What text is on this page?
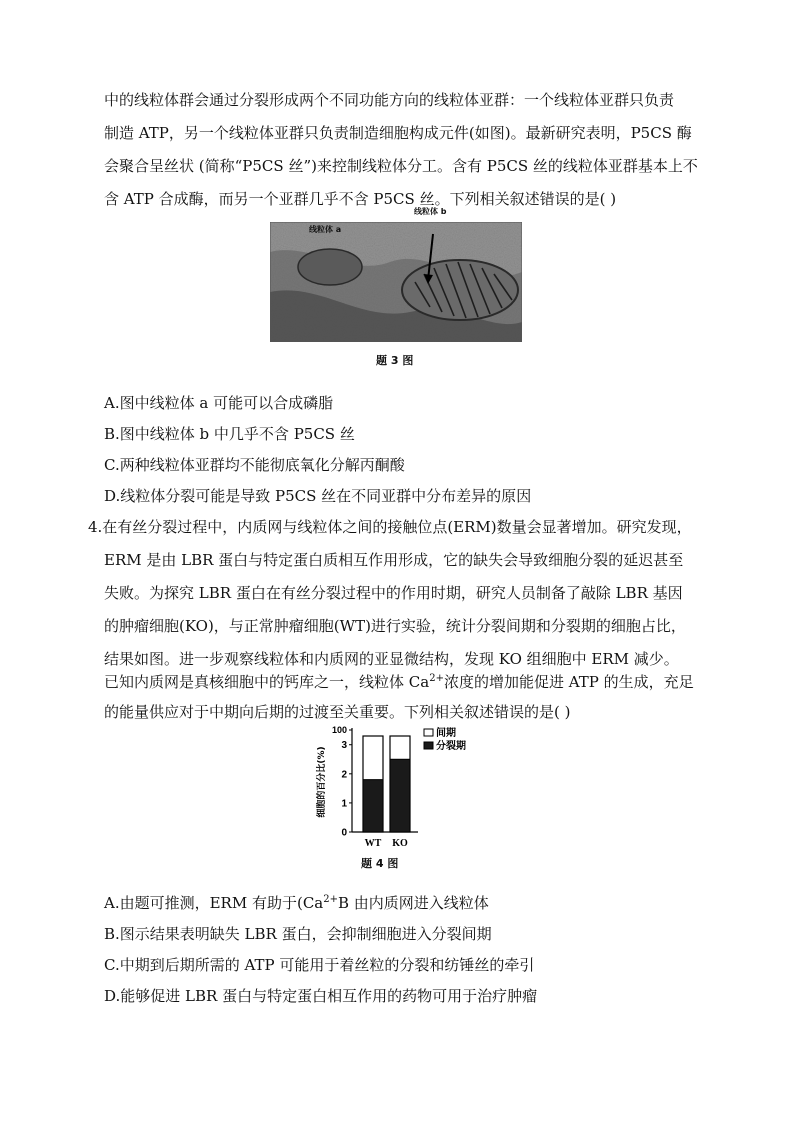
中的线粒体群会通过分裂形成两个不同功能方向的线粒体亚群：一个线粒体亚群只负责
制造 ATP，另一个线粒体亚群只负责制造细胞构成元件(如图)。最新研究表明，P5CS 酶
会聚合呈丝状 (简称“P5CS 丝”)来控制线粒体分工。含有 P5CS 丝的线粒体亚群基本上不
含 ATP 合成酶，而另一个亚群几乎不含 P5CS 丝。下列相关叙述错误的是( )
线粒体 a
线粒体 b
题 3 图
A.图中线粒体 a 可能可以合成磷脂
B.图中线粒体 b 中几乎不含 P5CS 丝
C.两种线粒体亚群均不能彻底氧化分解丙酮酸
D.线粒体分裂可能是导致 P5CS 丝在不同亚群中分布差异的原因
4.在有丝分裂过程中，内质网与线粒体之间的接触位点(ERM)数量会显著增加。研究发现，
ERM 是由 LBR 蛋白与特定蛋白质相互作用形成，它的缺失会导致细胞分裂的延迟甚至
失败。为探究 LBR 蛋白在有丝分裂过程中的作用时期，研究人员制备了敲除 LBR 基因
的肿瘤细胞(KO)，与正常肿瘤细胞(WT)进行实验，统计分裂间期和分裂期的细胞占比，
结果如图。进一步观察线粒体和内质网的亚显微结构，发现 KO 组细胞中 ERM 减少。
已知内质网是真核细胞中的钙库之一，线粒体 $Ca^{2+}$浓度的增加能促进 ATP 的生成，充足
的能量供应对于中期向后期的过渡至关重要。下列相关叙述错误的是( )
0
1
2
3
100
细胞的百分比(%)
WT KO
间期
分裂期
题 4 图
A.由题可推测，ERM 有助于($Ca^{2+}B$ 由内质网进入线粒体
B.图示结果表明缺失 LBR 蛋白，会抑制细胞进入分裂间期
C.中期到后期所需的 ATP 可能用于着丝粒的分裂和纺锤丝的牵引
D.能够促进 LBR 蛋白与特定蛋白相互作用的药物可用于治疗肿瘤
